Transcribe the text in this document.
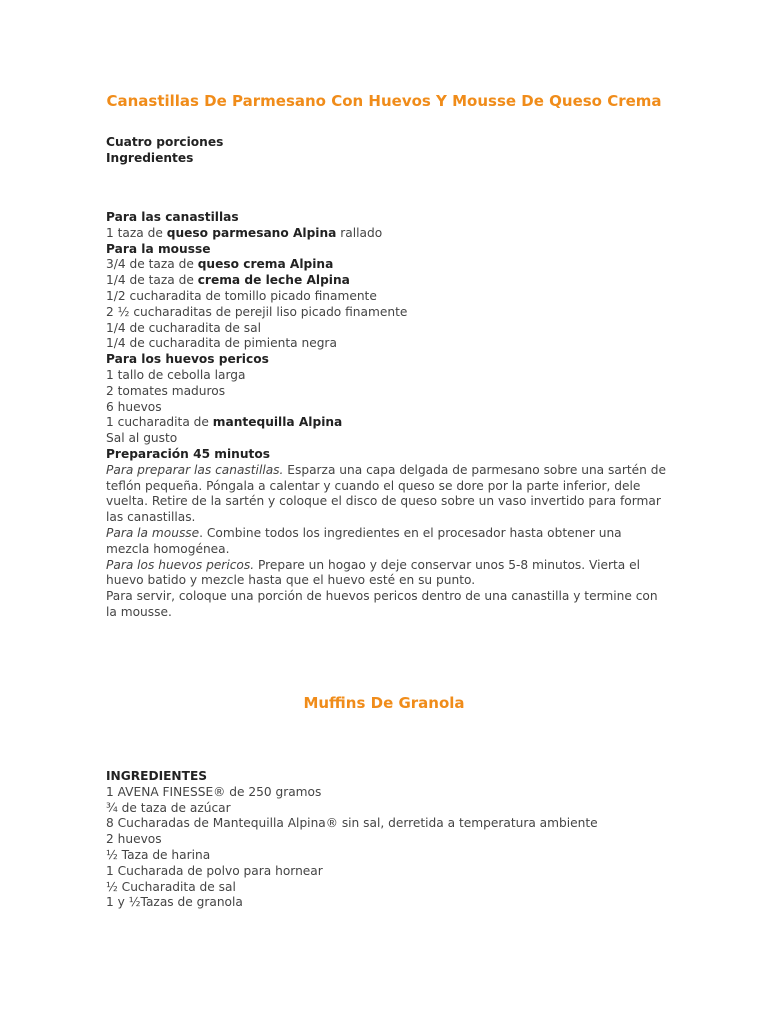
Canastillas De Parmesano Con Huevos Y Mousse De Queso Crema

Cuatro porciones

Ingredientes

Para las canastillas

1 taza de queso parmesano Alpina rallado

Para la mousse

3/4 de taza de queso crema Alpina

1/4 de taza de crema de leche Alpina

1/2 cucharadita de tomillo picado finamente

2 ½ cucharaditas de perejil liso picado finamente

1/4 de cucharadita de sal

1/4 de cucharadita de pimienta negra

Para los huevos pericos

1 tallo de cebolla larga

2 tomates maduros

6 huevos

1 cucharadita de mantequilla Alpina

Sal al gusto

Preparación 45 minutos

Para preparar las canastillas. Esparza una capa delgada de parmesano sobre una sartén de teflón pequeña. Póngala a calentar y cuando el queso se dore por la parte inferior, dele vuelta. Retire de la sartén y coloque el disco de queso sobre un vaso invertido para formar las canastillas.

Para la mousse. Combine todos los ingredientes en el procesador hasta obtener una mezcla homogénea.

Para los huevos pericos. Prepare un hogao y deje conservar unos 5-8 minutos. Vierta el huevo batido y mezcle hasta que el huevo esté en su punto.

Para servir, coloque una porción de huevos pericos dentro de una canastilla y termine con la mousse.

Muffins De Granola

INGREDIENTES

1 AVENA FINESSE® de 250 gramos

¾ de taza de azúcar

8 Cucharadas de Mantequilla Alpina® sin sal, derretida a temperatura ambiente

2 huevos

½ Taza de harina

1 Cucharada de polvo para hornear

½ Cucharadita de sal

1 y ½Tazas de granola
